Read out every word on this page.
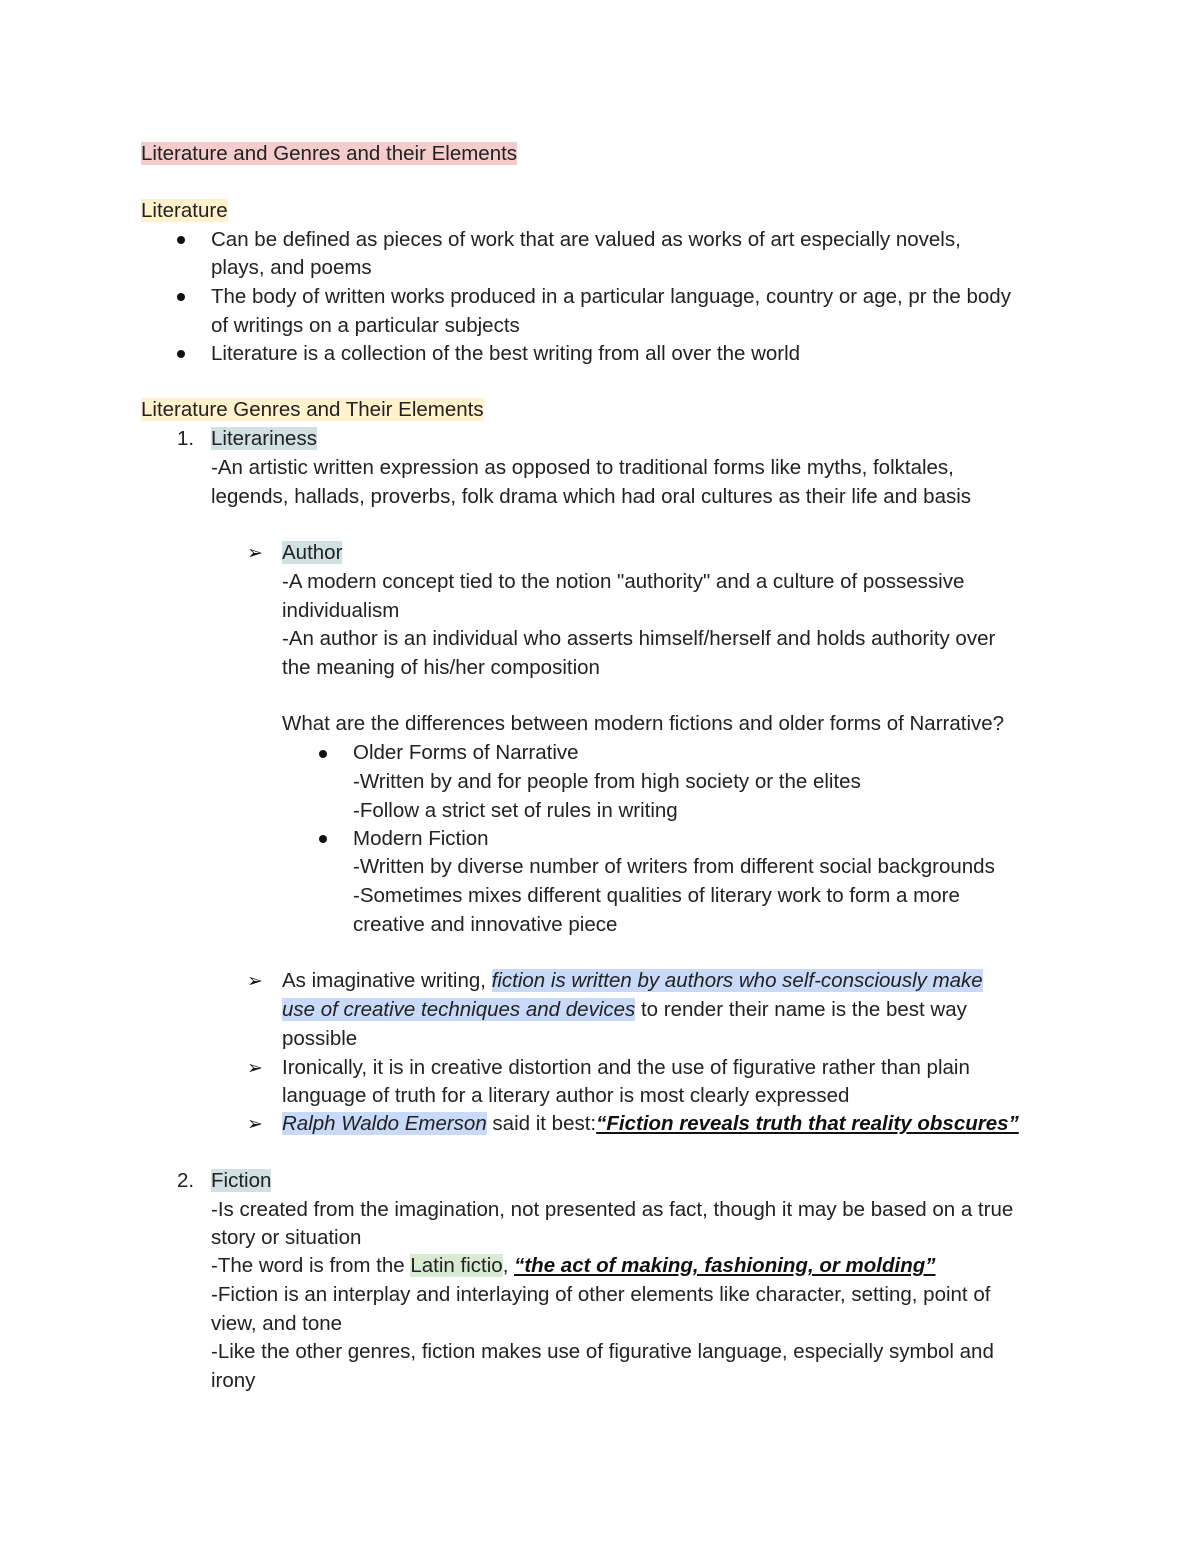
Literature and Genres and their Elements
Literature
Can be defined as pieces of work that are valued as works of art especially novels,
plays, and poems
The body of written works produced in a particular language, country or age, pr the body
of writings on a particular subjects
Literature is a collection of the best writing from all over the world
Literature Genres and Their Elements
1. Literariness
-An artistic written expression as opposed to traditional forms like myths, folktales,
legends, hallads, proverbs, folk drama which had oral cultures as their life and basis
➢ Author
-A modern concept tied to the notion "authority" and a culture of possessive
individualism
-An author is an individual who asserts himself/herself and holds authority over
the meaning of his/her composition
What are the differences between modern fictions and older forms of Narrative?
Older Forms of Narrative
-Written by and for people from high society or the elites
-Follow a strict set of rules in writing
Modern Fiction
-Written by diverse number of writers from different social backgrounds
-Sometimes mixes different qualities of literary work to form a more
creative and innovative piece
➢ As imaginative writing, fiction is written by authors who self-consciously make
use of creative techniques and devices to render their name is the best way
possible
➢ Ironically, it is in creative distortion and the use of figurative rather than plain
language of truth for a literary author is most clearly expressed
➢ Ralph Waldo Emerson said it best:“Fiction reveals truth that reality obscures”
2. Fiction
-Is created from the imagination, not presented as fact, though it may be based on a true
story or situation
-The word is from the Latin fictio, “the act of making, fashioning, or molding”
-Fiction is an interplay and interlaying of other elements like character, setting, point of
view, and tone
-Like the other genres, fiction makes use of figurative language, especially symbol and
irony
